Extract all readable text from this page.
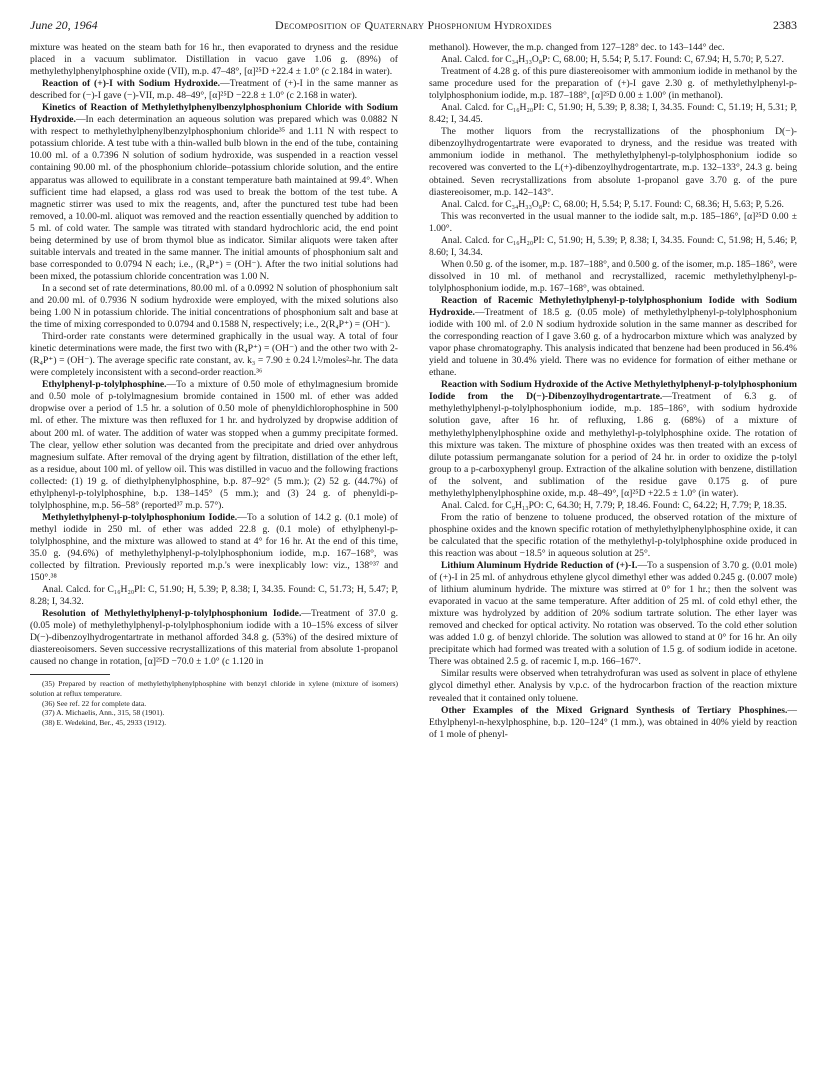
June 20, 1964	Decomposition of Quaternary Phosphonium Hydroxides	2383

mixture was heated on the steam bath for 16 hr., then evaporated to dryness and the residue placed in a vacuum sublimator. Distillation in vacuo gave 1.06 g. (89%) of methylethylphenylphosphine oxide (VII), m.p. 47–48°, [α]²⁵D +22.4 ± 1.0° (c 2.184 in water).

Reaction of (+)-I with Sodium Hydroxide.—Treatment of (+)-I in the same manner as described for (−)-I gave (−)-VII, m.p. 48–49°, [α]²⁵D −22.8 ± 1.0° (c 2.168 in water).

Kinetics of Reaction of Methylethylphenylbenzylphosphonium Chloride with Sodium Hydroxide.—In each determination an aqueous solution was prepared which was 0.0882 N with respect to methylethylphenylbenzylphosphonium chloride³⁵ and 1.11 N with respect to potassium chloride. A test tube with a thin-walled bulb blown in the end of the tube, containing 10.00 ml. of a 0.7396 N solution of sodium hydroxide, was suspended in a reaction vessel containing 90.00 ml. of the phosphonium chloride–potassium chloride solution, and the entire apparatus was allowed to equilibrate in a constant temperature bath maintained at 99.4°. When sufficient time had elapsed, a glass rod was used to break the bottom of the test tube. A magnetic stirrer was used to mix the reagents, and, after the punctured test tube had been removed, a 10.00-ml. aliquot was removed and the reaction essentially quenched by addition to 5 ml. of cold water. The sample was titrated with standard hydrochloric acid, the end point being determined by use of brom thymol blue as indicator. Similar aliquots were taken after suitable intervals and treated in the same manner. The initial amounts of phosphonium salt and base corresponded to 0.0794 N each; i.e., (R₄P⁺) = (OH⁻). After the two initial solutions had been mixed, the potassium chloride concentration was 1.00 N.

In a second set of rate determinations, 80.00 ml. of a 0.0992 N solution of phosphonium salt and 20.00 ml. of 0.7936 N sodium hydroxide were employed, with the mixed solutions also being 1.00 N in potassium chloride. The initial concentrations of phosphonium salt and base at the time of mixing corresponded to 0.0794 and 0.1588 N, respectively; i.e., 2(R₄P⁺) = (OH⁻).

Third-order rate constants were determined graphically in the usual way. A total of four kinetic determinations were made, the first two with (R₄P⁺) = (OH⁻) and the other two with 2-(R₄P⁺) = (OH⁻). The average specific rate constant, av. k₃ = 7.90 ± 0.24 l.²/moles²-hr. The data were completely inconsistent with a second-order reaction.³⁶

Ethylphenyl-p-tolylphosphine.—To a mixture of 0.50 mole of ethylmagnesium bromide and 0.50 mole of p-tolylmagnesium bromide contained in 1500 ml. of ether was added dropwise over a period of 1.5 hr. a solution of 0.50 mole of phenyldichlorophosphine in 500 ml. of ether. The mixture was then refluxed for 1 hr. and hydrolyzed by dropwise addition of about 200 ml. of water. The addition of water was stopped when a gummy precipitate formed. The clear, yellow ether solution was decanted from the precipitate and dried over anhydrous magnesium sulfate. After removal of the drying agent by filtration, distillation of the ether left, as a residue, about 100 ml. of yellow oil. This was distilled in vacuo and the following fractions collected: (1) 19 g. of diethylphenylphosphine, b.p. 87–92° (5 mm.); (2) 52 g. (44.7%) of ethylphenyl-p-tolylphosphine, b.p. 138–145° (5 mm.); and (3) 24 g. of phenyldi-p-tolylphosphine, m.p. 56–58° (reported³⁷ m.p. 57°).

Methylethylphenyl-p-tolylphosphonium Iodide.—To a solution of 14.2 g. (0.1 mole) of methyl iodide in 250 ml. of ether was added 22.8 g. (0.1 mole) of ethylphenyl-p-tolylphosphine, and the mixture was allowed to stand at 4° for 16 hr. At the end of this time, 35.0 g. (94.6%) of methylethylphenyl-p-tolylphosphonium iodide, m.p. 167–168°, was collected by filtration. Previously reported m.p.'s were inexplicably low: viz., 138°³⁷ and 150°.³⁸

Anal. Calcd. for C₁₆H₂₀PI: C, 51.90; H, 5.39; P, 8.38; I, 34.35. Found: C, 51.73; H, 5.47; P, 8.28; I, 34.32.

Resolution of Methylethylphenyl-p-tolylphosphonium Iodide.—Treatment of 37.0 g. (0.05 mole) of methylethylphenyl-p-tolylphosphonium iodide with a 10–15% excess of silver D(−)-dibenzoylhydrogentartrate in methanol afforded 34.8 g. (53%) of the desired mixture of diastereoisomers. Seven successive recrystallizations of this material from absolute 1-propanol caused no change in rotation, [α]²⁵D −70.0 ± 1.0° (c 1.120 in

(35) Prepared by reaction of methylethylphenylphosphine with benzyl chloride in xylene (mixture of isomers) solution at reflux temperature.

(36) See ref. 22 for complete data.

(37) A. Michaelis, Ann., 315, 58 (1901).

(38) E. Wedekind, Ber., 45, 2933 (1912).

methanol). However, the m.p. changed from 127–128° dec. to 143–144° dec.

Anal. Calcd. for C₃₄H₃₃O₈P: C, 68.00; H, 5.54; P, 5.17. Found: C, 67.94; H, 5.70; P, 5.27.

Treatment of 4.28 g. of this pure diastereoisomer with ammonium iodide in methanol by the same procedure used for the preparation of (+)-I gave 2.30 g. of methylethylphenyl-p-tolylphosphonium iodide, m.p. 187–188°, [α]²⁵D 0.00 ± 1.00° (in methanol).

Anal. Calcd. for C₁₆H₂₀PI: C, 51.90; H, 5.39; P, 8.38; I, 34.35. Found: C, 51.19; H, 5.31; P, 8.42; I, 34.45.

The mother liquors from the recrystallizations of the phosphonium D(−)-dibenzoylhydrogentartrate were evaporated to dryness, and the residue was treated with ammonium iodide in methanol. The methylethylphenyl-p-tolylphosphonium iodide so recovered was converted to the L(+)-dibenzoylhydrogentartrate, m.p. 132–133°, 24.3 g. being obtained. Seven recrystallizations from absolute 1-propanol gave 3.70 g. of the pure diastereoisomer, m.p. 142–143°.

Anal. Calcd. for C₃₄H₃₃O₈P: C, 68.00; H, 5.54; P, 5.17. Found: C, 68.36; H, 5.63; P, 5.26.

This was reconverted in the usual manner to the iodide salt, m.p. 185–186°, [α]²⁵D 0.00 ± 1.00°.

Anal. Calcd. for C₁₆H₂₀PI: C, 51.90; H, 5.39; P, 8.38; I, 34.35. Found: C, 51.98; H, 5.46; P, 8.60; I, 34.34.

When 0.50 g. of the isomer, m.p. 187–188°, and 0.500 g. of the isomer, m.p. 185–186°, were dissolved in 10 ml. of methanol and recrystallized, racemic methylethylphenyl-p-tolylphosphonium iodide, m.p. 167–168°, was obtained.

Reaction of Racemic Methylethylphenyl-p-tolylphosphonium Iodide with Sodium Hydroxide.—Treatment of 18.5 g. (0.05 mole) of methylethylphenyl-p-tolylphosphonium iodide with 100 ml. of 2.0 N sodium hydroxide solution in the same manner as described for the corresponding reaction of I gave 3.60 g. of a hydrocarbon mixture which was analyzed by vapor phase chromatography. This analysis indicated that benzene had been produced in 56.4% yield and toluene in 30.4% yield. There was no evidence for formation of either methane or ethane.

Reaction with Sodium Hydroxide of the Active Methylethylphenyl-p-tolylphosphonium Iodide from the D(−)-Dibenzoylhydrogentartrate.—Treatment of 6.3 g. of methylethylphenyl-p-tolylphosphonium iodide, m.p. 185–186°, with sodium hydroxide solution gave, after 16 hr. of refluxing, 1.86 g. (68%) of a mixture of methylethylphenylphosphine oxide and methylethyl-p-tolylphosphine oxide. The rotation of this mixture was taken. The mixture of phosphine oxides was then treated with an excess of dilute potassium permanganate solution for a period of 24 hr. in order to oxidize the p-tolyl group to a p-carboxyphenyl group. Extraction of the alkaline solution with benzene, distillation of the solvent, and sublimation of the residue gave 0.175 g. of pure methylethylphenylphosphine oxide, m.p. 48–49°, [α]²⁵D +22.5 ± 1.0° (in water).

Anal. Calcd. for C₉H₁₃PO: C, 64.30; H, 7.79; P, 18.46. Found: C, 64.22; H, 7.79; P, 18.35.

From the ratio of benzene to toluene produced, the observed rotation of the mixture of phosphine oxides and the known specific rotation of methylethylphenylphosphine oxide, it can be calculated that the specific rotation of the methylethyl-p-tolylphosphine oxide produced in this reaction was about −18.5° in aqueous solution at 25°.

Lithium Aluminum Hydride Reduction of (+)-I.—To a suspension of 3.70 g. (0.01 mole) of (+)-I in 25 ml. of anhydrous ethylene glycol dimethyl ether was added 0.245 g. (0.007 mole) of lithium aluminum hydride. The mixture was stirred at 0° for 1 hr.; then the solvent was evaporated in vacuo at the same temperature. After addition of 25 ml. of cold ethyl ether, the mixture was hydrolyzed by addition of 20% sodium tartrate solution. The ether layer was removed and checked for optical activity. No rotation was observed. To the cold ether solution was added 1.0 g. of benzyl chloride. The solution was allowed to stand at 0° for 16 hr. An oily precipitate which had formed was treated with a solution of 1.5 g. of sodium iodide in acetone. There was obtained 2.5 g. of racemic I, m.p. 166–167°.

Similar results were observed when tetrahydrofuran was used as solvent in place of ethylene glycol dimethyl ether. Analysis by v.p.c. of the hydrocarbon fraction of the reaction mixture revealed that it contained only toluene.

Other Examples of the Mixed Grignard Synthesis of Tertiary Phosphines.—Ethylphenyl-n-hexylphosphine, b.p. 120–124° (1 mm.), was obtained in 40% yield by reaction of 1 mole of phenyl-
